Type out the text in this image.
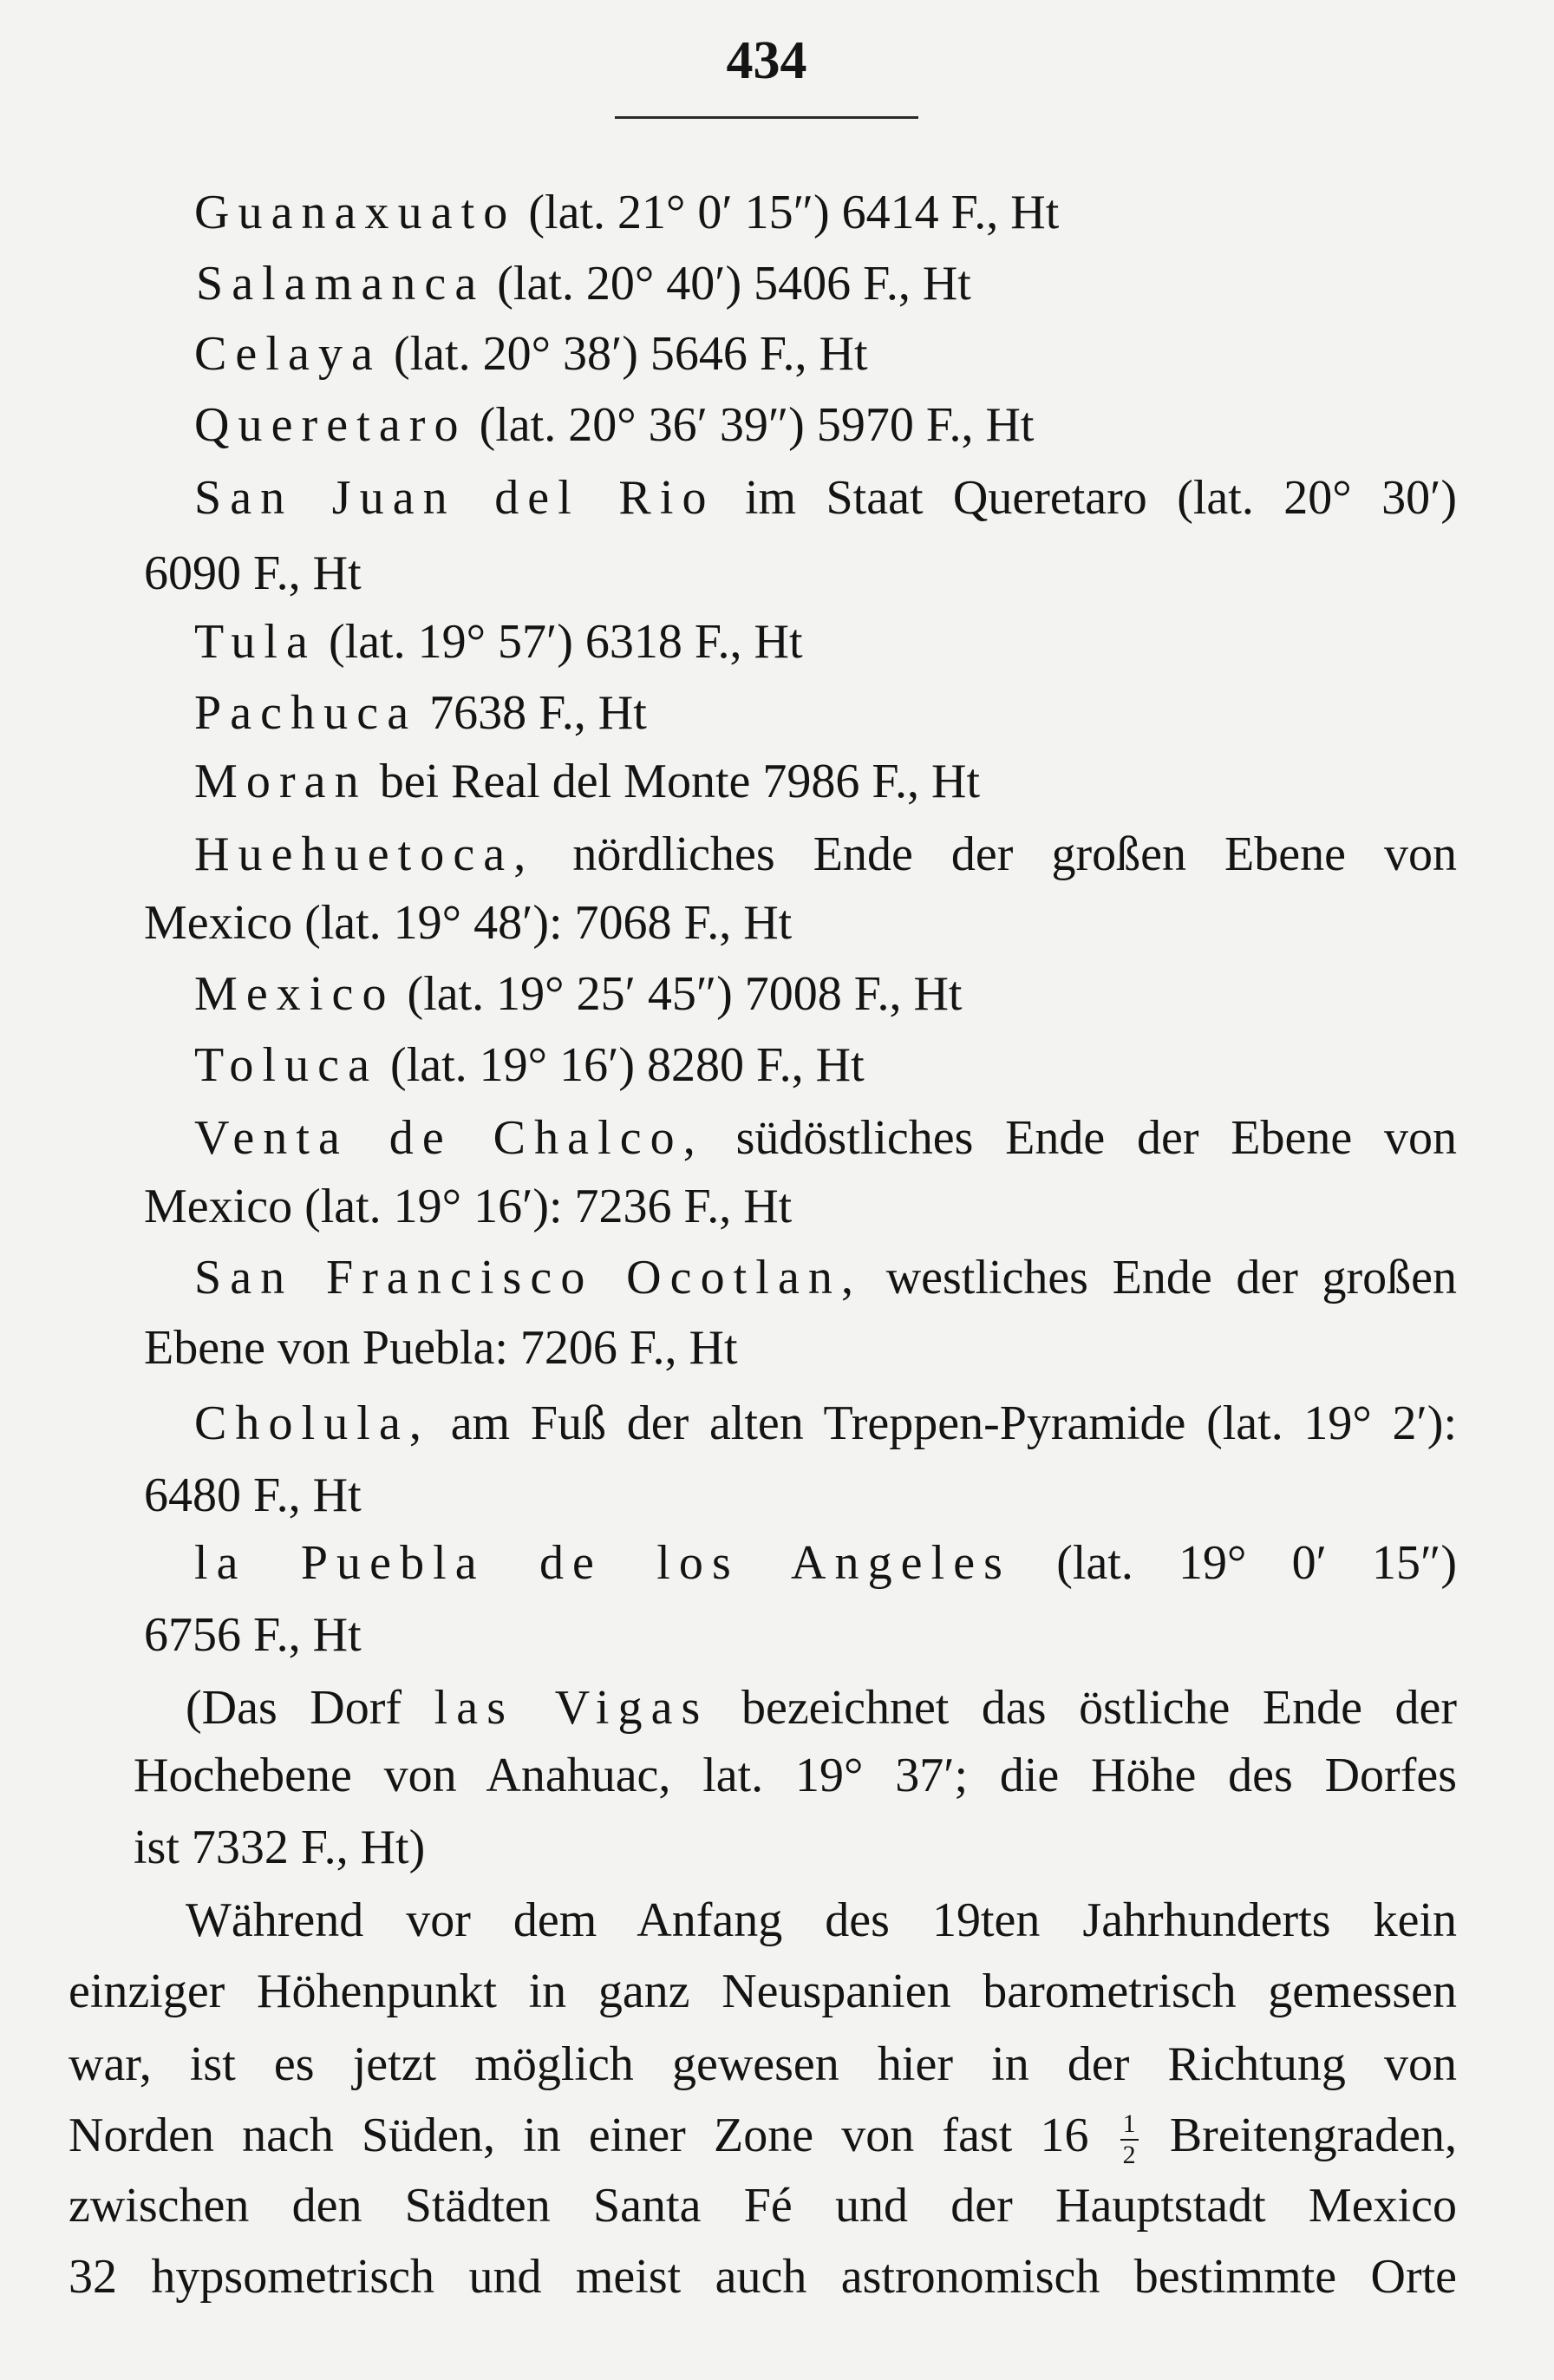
434
Guanaxuato (lat. 21° 0′ 15″) 6414 F., Ht
Salamanca (lat. 20° 40′) 5406 F., Ht
Celaya (lat. 20° 38′) 5646 F., Ht
Queretaro (lat. 20° 36′ 39″) 5970 F., Ht
San Juan del Rio im Staat Queretaro (lat. 20° 30′)
6090 F., Ht
Tula (lat. 19° 57′) 6318 F., Ht
Pachuca 7638 F., Ht
Moran bei Real del Monte 7986 F., Ht
Huehuetoca, nördliches Ende der großen Ebene von
Mexico (lat. 19° 48′): 7068 F., Ht
Mexico (lat. 19° 25′ 45″) 7008 F., Ht
Toluca (lat. 19° 16′) 8280 F., Ht
Venta de Chalco, südöstliches Ende der Ebene von
Mexico (lat. 19° 16′): 7236 F., Ht
San Francisco Ocotlan, westliches Ende der großen
Ebene von Puebla: 7206 F., Ht
Cholula, am Fuß der alten Treppen-Pyramide (lat. 19° 2′):
6480 F., Ht
la Puebla de los Angeles (lat. 19° 0′ 15″)
6756 F., Ht
(Das Dorf las Vigas bezeichnet das östliche Ende der
Hochebene von Anahuac, lat. 19° 37′; die Höhe des Dorfes
ist 7332 F., Ht)
Während vor dem Anfang des 19ten Jahrhunderts kein
einziger Höhenpunkt in ganz Neuspanien barometrisch gemessen
war, ist es jetzt möglich gewesen hier in der Richtung von
Norden nach Süden, in einer Zone von fast $16 \frac{1}{2}$ Breitengraden,
zwischen den Städten Santa Fé und der Hauptstadt Mexico
32 hypsometrisch und meist auch astronomisch bestimmte Orte
